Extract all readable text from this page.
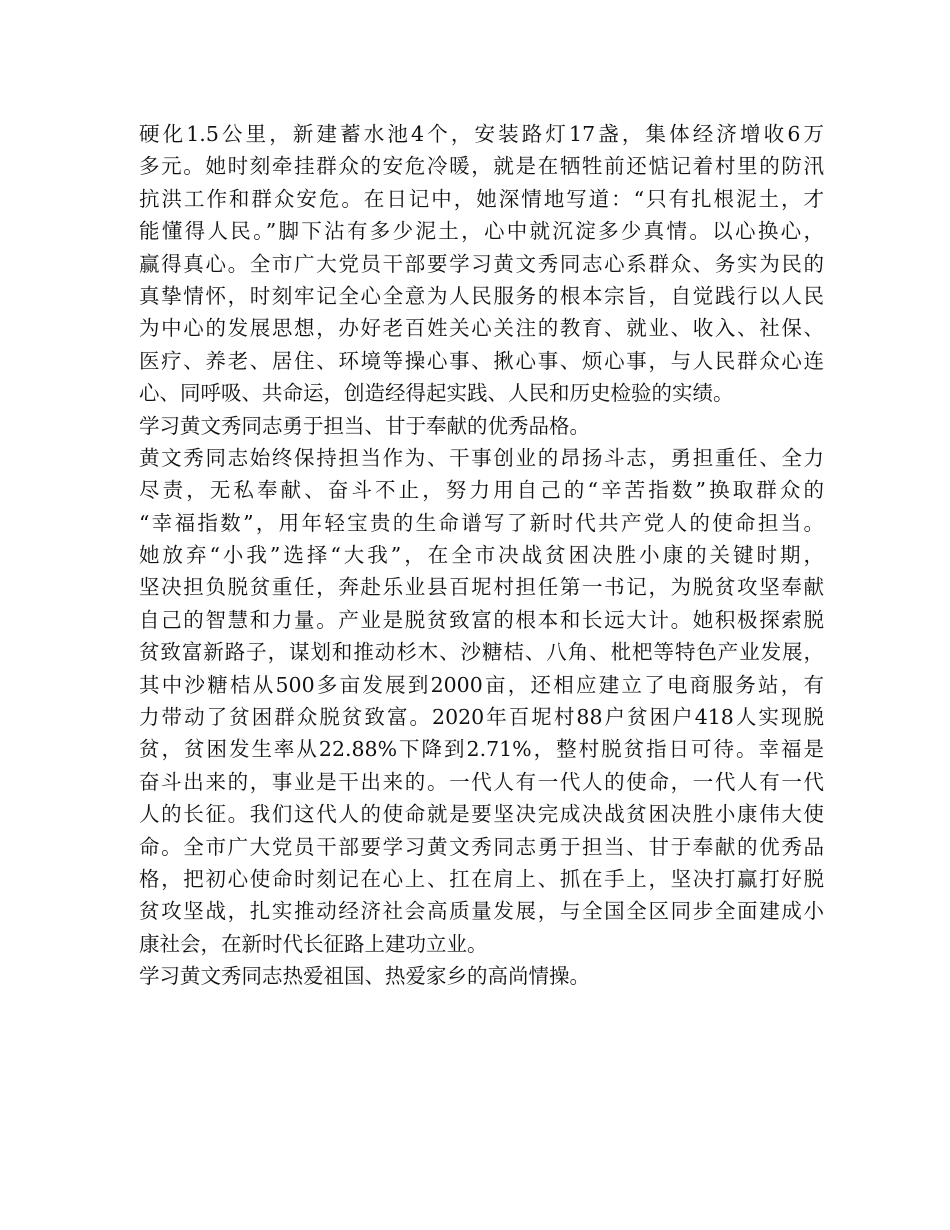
硬化1.5公里，新建蓄水池4个，安装路灯17盏，集体经济增收6万
多元。她时刻牵挂群众的安危冷暖，就是在牺牲前还惦记着村里的防汛
抗洪工作和群众安危。在日记中，她深情地写道：“只有扎根泥土，才
能懂得人民。”脚下沾有多少泥土，心中就沉淀多少真情。以心换心，
赢得真心。全市广大党员干部要学习黄文秀同志心系群众、务实为民的
真挚情怀，时刻牢记全心全意为人民服务的根本宗旨，自觉践行以人民
为中心的发展思想，办好老百姓关心关注的教育、就业、收入、社保、
医疗、养老、居住、环境等操心事、揪心事、烦心事，与人民群众心连
心、同呼吸、共命运，创造经得起实践、人民和历史检验的实绩。
学习黄文秀同志勇于担当、甘于奉献的优秀品格。
黄文秀同志始终保持担当作为、干事创业的昂扬斗志，勇担重任、全力
尽责，无私奉献、奋斗不止，努力用自己的“辛苦指数”换取群众的
“幸福指数”，用年轻宝贵的生命谱写了新时代共产党人的使命担当。
她放弃“小我”选择“大我”，在全市决战贫困决胜小康的关键时期，
坚决担负脱贫重任，奔赴乐业县百坭村担任第一书记，为脱贫攻坚奉献
自己的智慧和力量。产业是脱贫致富的根本和长远大计。她积极探索脱
贫致富新路子，谋划和推动杉木、沙糖桔、八角、枇杷等特色产业发展，
其中沙糖桔从500多亩发展到2000亩，还相应建立了电商服务站，有
力带动了贫困群众脱贫致富。2020年百坭村88户贫困户418人实现脱
贫，贫困发生率从22.88%下降到2.71%，整村脱贫指日可待。幸福是
奋斗出来的，事业是干出来的。一代人有一代人的使命，一代人有一代
人的长征。我们这代人的使命就是要坚决完成决战贫困决胜小康伟大使
命。全市广大党员干部要学习黄文秀同志勇于担当、甘于奉献的优秀品
格，把初心使命时刻记在心上、扛在肩上、抓在手上，坚决打赢打好脱
贫攻坚战，扎实推动经济社会高质量发展，与全国全区同步全面建成小
康社会，在新时代长征路上建功立业。
学习黄文秀同志热爱祖国、热爱家乡的高尚情操。
